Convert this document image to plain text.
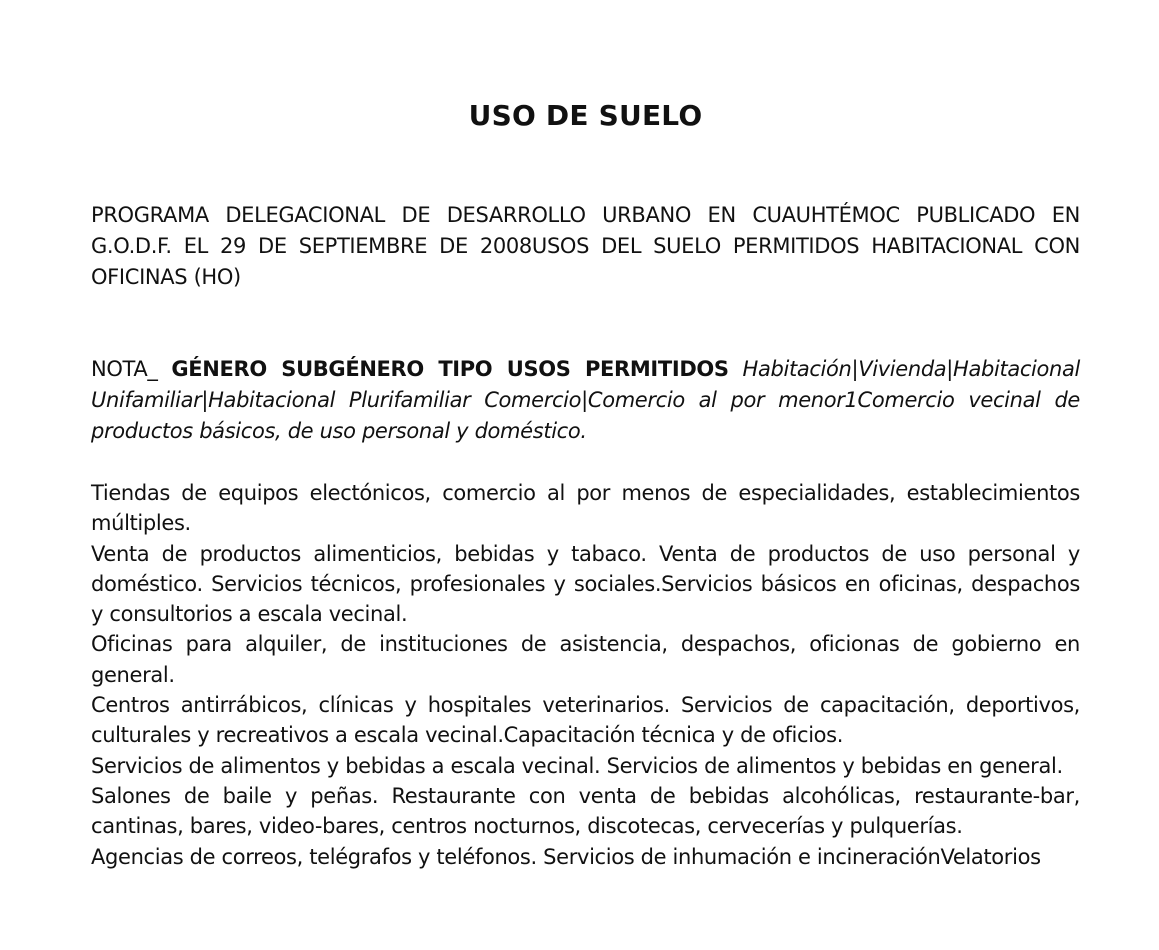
USO DE SUELO

PROGRAMA DELEGACIONAL DE DESARROLLO URBANO EN CUAUHTÉMOC PUBLICADO EN G.O.D.F. EL 29 DE SEPTIEMBRE DE 2008USOS DEL SUELO PERMITIDOS HABITACIONAL CON OFICINAS (HO)

NOTA_ GÉNERO SUBGÉNERO TIPO USOS PERMITIDOS Habitación|Vivienda|Habitacional Unifamiliar|Habitacional Plurifamiliar Comercio|Comercio al por menor1Comercio vecinal de productos básicos, de uso personal y doméstico.

Tiendas de equipos electónicos, comercio al por menos de especialidades, establecimientos múltiples.

Venta de productos alimenticios, bebidas y tabaco. Venta de productos de uso personal y doméstico. Servicios técnicos, profesionales y sociales.Servicios básicos en oficinas, despachos y consultorios a escala vecinal.

Oficinas para alquiler, de instituciones de asistencia, despachos, oficionas de gobierno en general.

Centros antirrábicos, clínicas y hospitales veterinarios. Servicios de capacitación, deportivos, culturales y recreativos a escala vecinal.Capacitación técnica y de oficios.

Servicios de alimentos y bebidas a escala vecinal. Servicios de alimentos y bebidas en general.

Salones de baile y peñas. Restaurante con venta de bebidas alcohólicas, restaurante-bar, cantinas, bares, video-bares, centros nocturnos, discotecas, cervecerías y pulquerías.

Agencias de correos, telégrafos y teléfonos. Servicios de inhumación e incineraciónVelatorios
